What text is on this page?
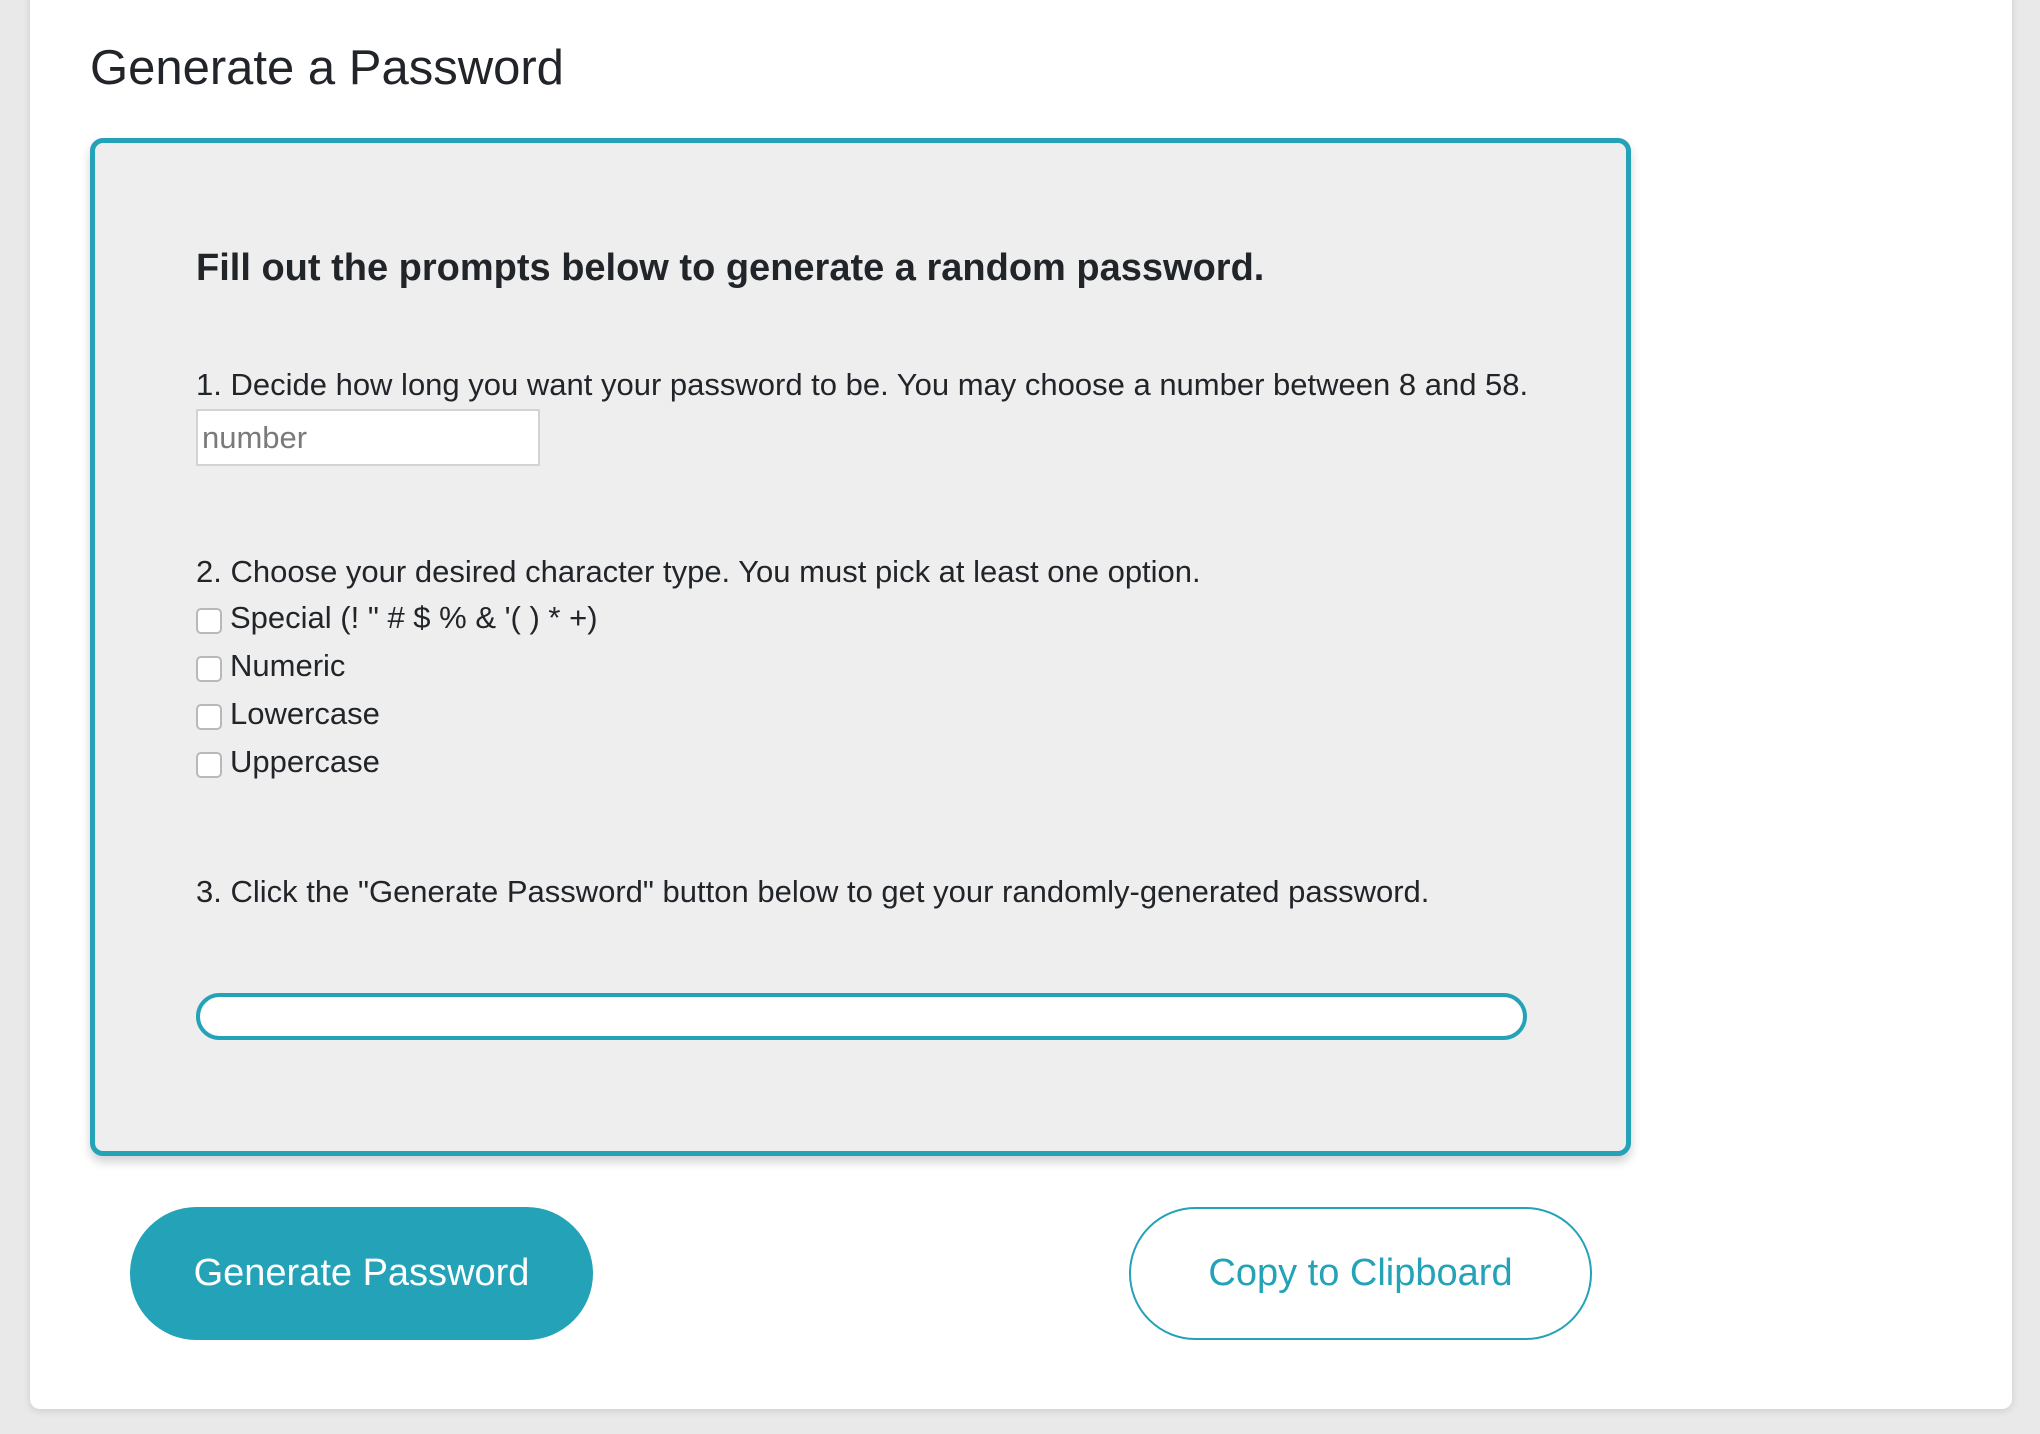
Generate a Password
Fill out the prompts below to generate a random password.

1. Decide how long you want your password to be. You may choose a number between 8 and 58.

number

2. Choose your desired character type. You must pick at least one option.

Special (! " # $ % & '( ) * +)
Numeric
Lowercase
Uppercase

3. Click the "Generate Password" button below to get your randomly-generated password.

Generate Password	Copy to Clipboard
